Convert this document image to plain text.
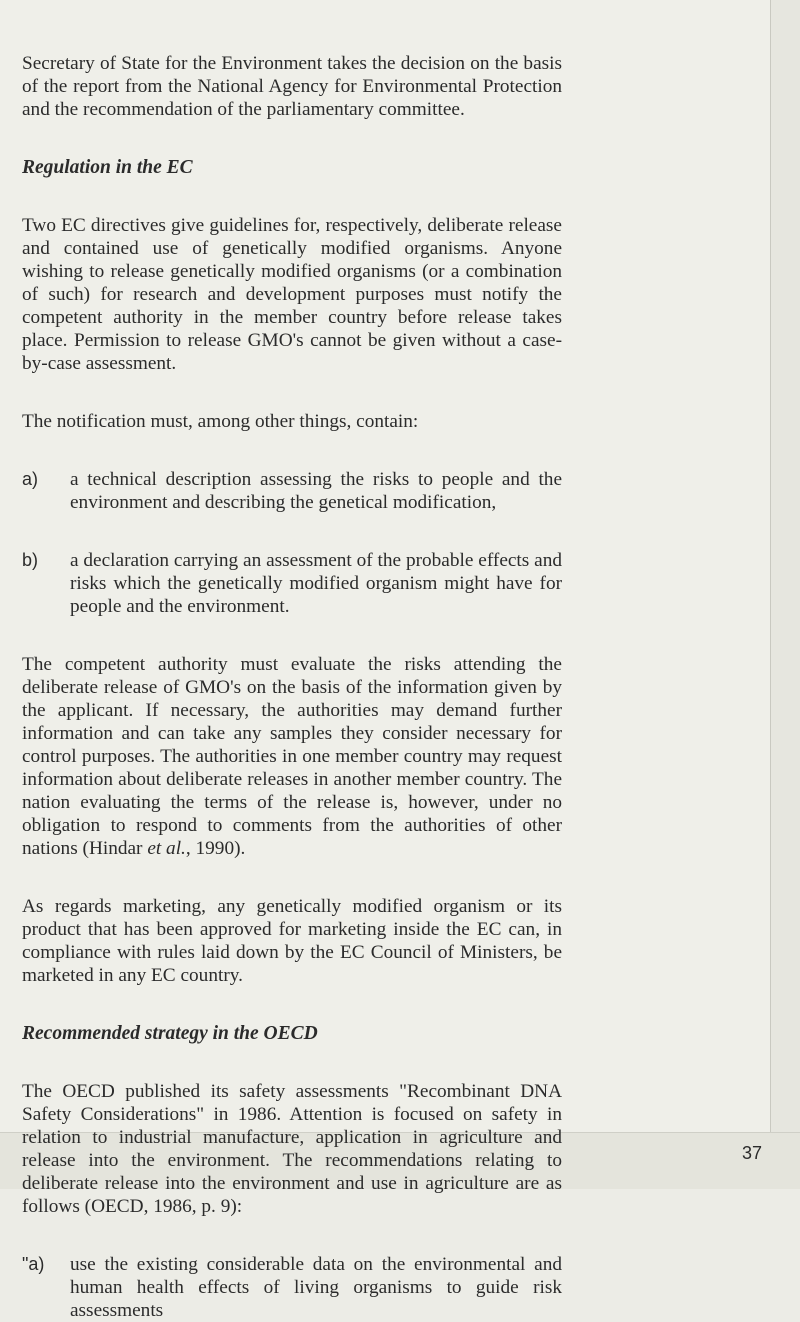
Secretary of State for the Environment takes the decision on the basis of the report from the National Agency for Environmental Protection and the recommendation of the parliamentary committee.

Regulation in the EC

Two EC directives give guidelines for, respectively, deliberate release and contained use of genetically modified organisms. Anyone wishing to release genetically modified organisms (or a combination of such) for research and development purposes must notify the competent authority in the member country before release takes place. Permission to release GMO's cannot be given without a case-by-case assessment.

The notification must, among other things, contain:

a)	a technical description assessing the risks to people and the environment and describing the genetical modification,
b)	a declaration carrying an assessment of the probable effects and risks which the genetically modified organism might have for people and the environment.

The competent authority must evaluate the risks attending the deliberate release of GMO's on the basis of the information given by the applicant. If necessary, the authorities may demand further information and can take any samples they consider necessary for control purposes. The authorities in one member country may request information about deliberate releases in another member country. The nation evaluating the terms of the release is, however, under no obligation to respond to comments from the authorities of other nations (Hindar et al., 1990).

As regards marketing, any genetically modified organism or its product that has been approved for marketing inside the EC can, in compliance with rules laid down by the EC Council of Ministers, be marketed in any EC country.

Recommended strategy in the OECD

The OECD published its safety assessments "Recombinant DNA Safety Considerations" in 1986. Attention is focused on safety in relation to industrial manufacture, application in agriculture and release into the environment. The recommendations relating to deliberate release into the environment and use in agriculture are as follows (OECD, 1986, p. 9):

"a)	use the existing considerable data on the environmental and human health effects of living organisms to guide risk assessments
37
